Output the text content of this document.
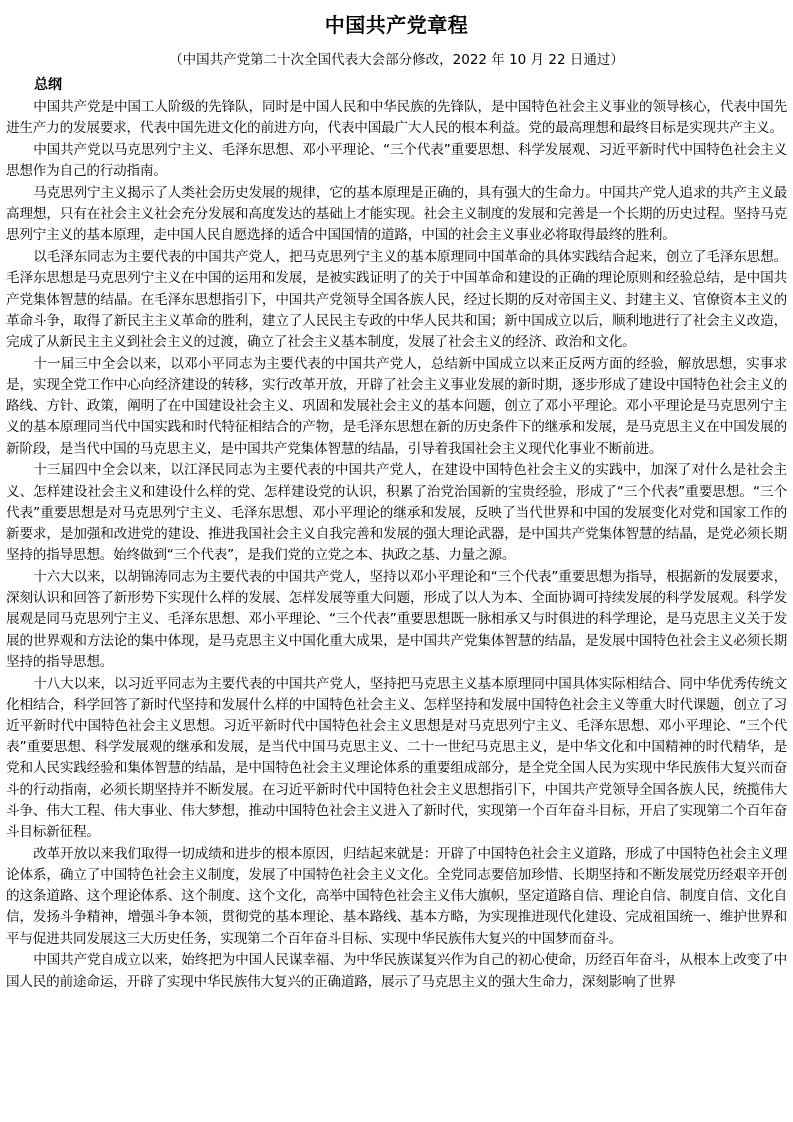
中国共产党章程
（中国共产党第二十次全国代表大会部分修改，2022 年 10 月 22 日通过）
总纲

中国共产党是中国工人阶级的先锋队，同时是中国人民和中华民族的先锋队，是中国特色社会主义事业的领导核心，代表中国先进生产力的发展要求，代表中国先进文化的前进方向，代表中国最广大人民的根本利益。党的最高理想和最终目标是实现共产主义。

中国共产党以马克思列宁主义、毛泽东思想、邓小平理论、“三个代表”重要思想、科学发展观、习近平新时代中国特色社会主义思想作为自己的行动指南。

马克思列宁主义揭示了人类社会历史发展的规律，它的基本原理是正确的，具有强大的生命力。中国共产党人追求的共产主义最高理想，只有在社会主义社会充分发展和高度发达的基础上才能实现。社会主义制度的发展和完善是一个长期的历史过程。坚持马克思列宁主义的基本原理，走中国人民自愿选择的适合中国国情的道路，中国的社会主义事业必将取得最终的胜利。

以毛泽东同志为主要代表的中国共产党人，把马克思列宁主义的基本原理同中国革命的具体实践结合起来，创立了毛泽东思想。毛泽东思想是马克思列宁主义在中国的运用和发展，是被实践证明了的关于中国革命和建设的正确的理论原则和经验总结，是中国共产党集体智慧的结晶。在毛泽东思想指引下，中国共产党领导全国各族人民，经过长期的反对帝国主义、封建主义、官僚资本主义的革命斗争，取得了新民主主义革命的胜利，建立了人民民主专政的中华人民共和国；新中国成立以后，顺利地进行了社会主义改造，完成了从新民主主义到社会主义的过渡，确立了社会主义基本制度，发展了社会主义的经济、政治和文化。

十一届三中全会以来，以邓小平同志为主要代表的中国共产党人，总结新中国成立以来正反两方面的经验，解放思想，实事求是，实现全党工作中心向经济建设的转移，实行改革开放，开辟了社会主义事业发展的新时期，逐步形成了建设中国特色社会主义的路线、方针、政策，阐明了在中国建设社会主义、巩固和发展社会主义的基本问题，创立了邓小平理论。邓小平理论是马克思列宁主义的基本原理同当代中国实践和时代特征相结合的产物，是毛泽东思想在新的历史条件下的继承和发展，是马克思主义在中国发展的新阶段，是当代中国的马克思主义，是中国共产党集体智慧的结晶，引导着我国社会主义现代化事业不断前进。

十三届四中全会以来，以江泽民同志为主要代表的中国共产党人，在建设中国特色社会主义的实践中，加深了对什么是社会主义、怎样建设社会主义和建设什么样的党、怎样建设党的认识，积累了治党治国新的宝贵经验，形成了“三个代表”重要思想。“三个代表”重要思想是对马克思列宁主义、毛泽东思想、邓小平理论的继承和发展，反映了当代世界和中国的发展变化对党和国家工作的新要求，是加强和改进党的建设、推进我国社会主义自我完善和发展的强大理论武器，是中国共产党集体智慧的结晶，是党必须长期坚持的指导思想。始终做到“三个代表”，是我们党的立党之本、执政之基、力量之源。

十六大以来，以胡锦涛同志为主要代表的中国共产党人，坚持以邓小平理论和“三个代表”重要思想为指导，根据新的发展要求，深刻认识和回答了新形势下实现什么样的发展、怎样发展等重大问题，形成了以人为本、全面协调可持续发展的科学发展观。科学发展观是同马克思列宁主义、毛泽东思想、邓小平理论、“三个代表”重要思想既一脉相承又与时俱进的科学理论，是马克思主义关于发展的世界观和方法论的集中体现，是马克思主义中国化重大成果，是中国共产党集体智慧的结晶，是发展中国特色社会主义必须长期坚持的指导思想。

十八大以来，以习近平同志为主要代表的中国共产党人，坚持把马克思主义基本原理同中国具体实际相结合、同中华优秀传统文化相结合，科学回答了新时代坚持和发展什么样的中国特色社会主义、怎样坚持和发展中国特色社会主义等重大时代课题，创立了习近平新时代中国特色社会主义思想。习近平新时代中国特色社会主义思想是对马克思列宁主义、毛泽东思想、邓小平理论、“三个代表”重要思想、科学发展观的继承和发展，是当代中国马克思主义、二十一世纪马克思主义，是中华文化和中国精神的时代精华，是党和人民实践经验和集体智慧的结晶，是中国特色社会主义理论体系的重要组成部分，是全党全国人民为实现中华民族伟大复兴而奋斗的行动指南，必须长期坚持并不断发展。在习近平新时代中国特色社会主义思想指引下，中国共产党领导全国各族人民，统揽伟大斗争、伟大工程、伟大事业、伟大梦想，推动中国特色社会主义进入了新时代，实现第一个百年奋斗目标，开启了实现第二个百年奋斗目标新征程。

改革开放以来我们取得一切成绩和进步的根本原因，归结起来就是：开辟了中国特色社会主义道路，形成了中国特色社会主义理论体系，确立了中国特色社会主义制度，发展了中国特色社会主义文化。全党同志要倍加珍惜、长期坚持和不断发展党历经艰辛开创的这条道路、这个理论体系、这个制度、这个文化，高举中国特色社会主义伟大旗帜，坚定道路自信、理论自信、制度自信、文化自信，发扬斗争精神，增强斗争本领，贯彻党的基本理论、基本路线、基本方略，为实现推进现代化建设、完成祖国统一、维护世界和平与促进共同发展这三大历史任务，实现第二个百年奋斗目标、实现中华民族伟大复兴的中国梦而奋斗。

中国共产党自成立以来，始终把为中国人民谋幸福、为中华民族谋复兴作为自己的初心使命，历经百年奋斗，从根本上改变了中国人民的前途命运，开辟了实现中华民族伟大复兴的正确道路，展示了马克思主义的强大生命力，深刻影响了世界
